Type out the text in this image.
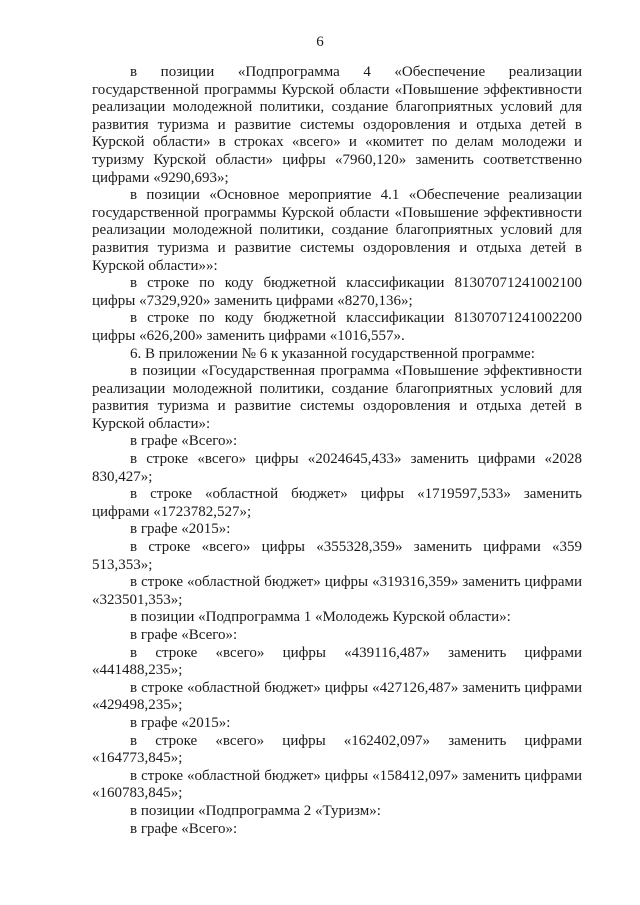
6

в позиции «Подпрограмма 4 «Обеспечение реализации государственной программы Курской области «Повышение эффективности реализации молодежной политики, создание благоприятных условий для развития туризма и развитие системы оздоровления и отдыха детей в Курской области» в строках «всего» и «комитет по делам молодежи и туризму Курской области» цифры «7960,120» заменить соответственно цифрами «9290,693»;

в позиции «Основное мероприятие 4.1 «Обеспечение реализации государственной программы Курской области «Повышение эффективности реализации молодежной политики, создание благоприятных условий для развития туризма и развитие системы оздоровления и отдыха детей в Курской области»»:

в строке по коду бюджетной классификации 81307071241002100 цифры «7329,920» заменить цифрами «8270,136»;

в строке по коду бюджетной классификации 81307071241002200 цифры «626,200» заменить цифрами «1016,557».

6. В приложении № 6 к указанной государственной программе:

в позиции «Государственная программа «Повышение эффективности реализации молодежной политики, создание благоприятных условий для развития туризма и развитие системы оздоровления и отдыха детей в Курской области»:

в графе «Всего»:

в строке «всего» цифры «2024645,433» заменить цифрами «2028 830,427»;

в строке «областной бюджет» цифры «1719597,533» заменить цифрами «1723782,527»;

в графе «2015»:

в строке «всего» цифры «355328,359» заменить цифрами «359 513,353»;

в строке «областной бюджет» цифры «319316,359» заменить цифрами «323501,353»;

в позиции «Подпрограмма 1 «Молодежь Курской области»:

в графе «Всего»:

в строке «всего» цифры «439116,487» заменить цифрами «441488,235»;

в строке «областной бюджет» цифры «427126,487» заменить цифрами «429498,235»;

в графе «2015»:

в строке «всего» цифры «162402,097» заменить цифрами «164773,845»;

в строке «областной бюджет» цифры «158412,097» заменить цифрами «160783,845»;

в позиции «Подпрограмма 2 «Туризм»:

в графе «Всего»:
